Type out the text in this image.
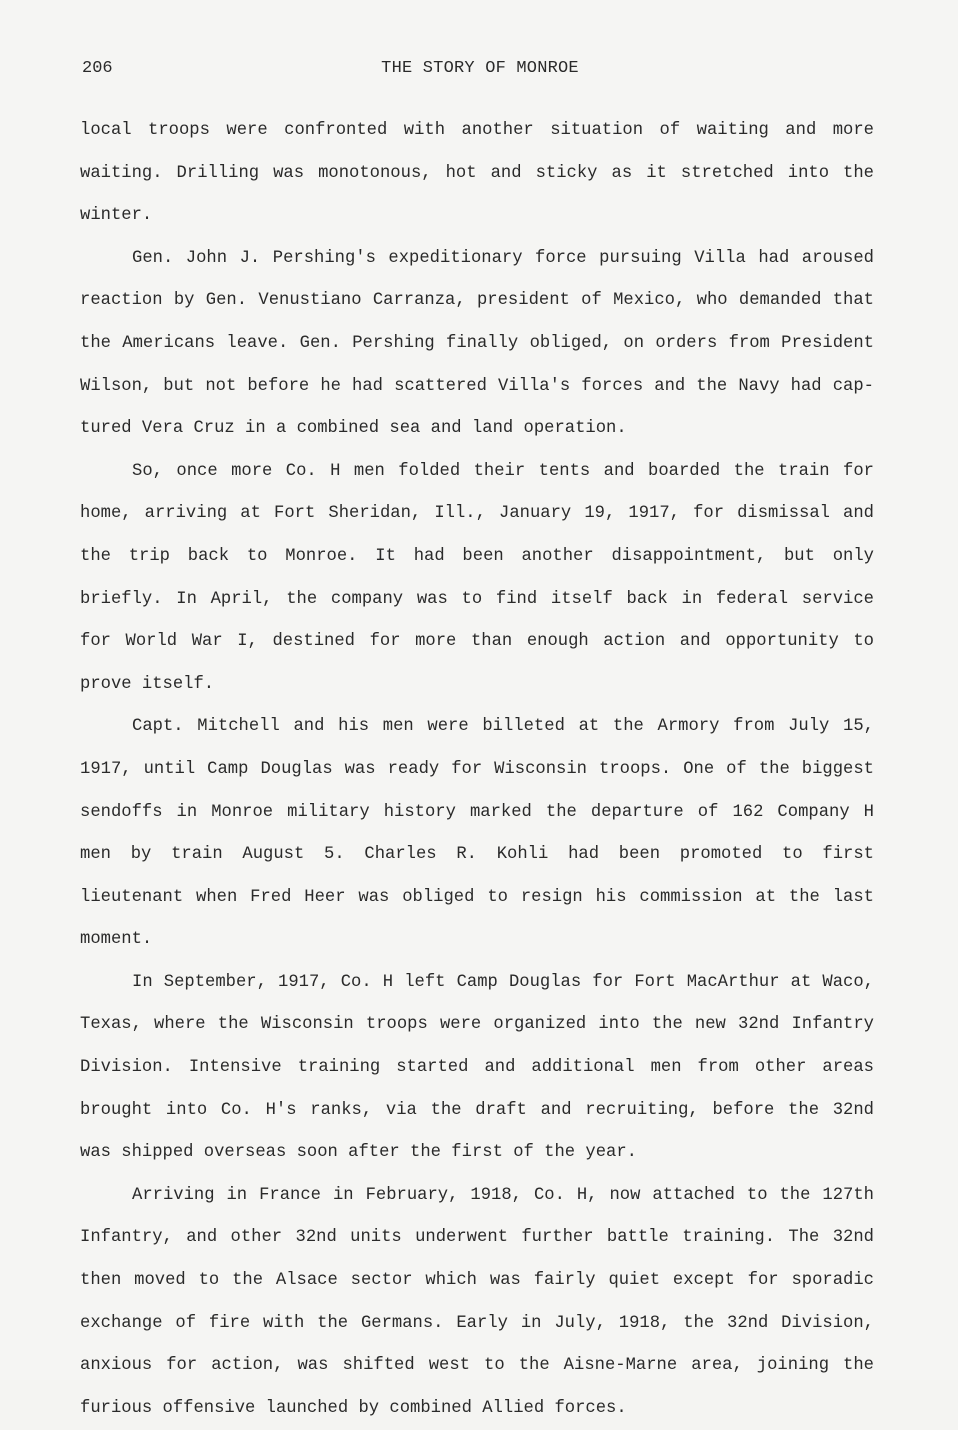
206	THE STORY OF MONROE

local troops were confronted with another situation of waiting and more waiting. Drilling was monotonous, hot and sticky as it stretched into the winter.

Gen. John J. Pershing's expeditionary force pursuing Villa had aroused reaction by Gen. Venustiano Carranza, president of Mexico, who demanded that the Americans leave. Gen. Pershing finally obliged, on orders from President Wilson, but not before he had scattered Villa's forces and the Navy had captured Vera Cruz in a combined sea and land operation.

So, once more Co. H men folded their tents and boarded the train for home, arriving at Fort Sheridan, Ill., January 19, 1917, for dismissal and the trip back to Monroe. It had been another disappointment, but only briefly. In April, the company was to find itself back in federal service for World War I, destined for more than enough action and opportunity to prove itself.

Capt. Mitchell and his men were billeted at the Armory from July 15, 1917, until Camp Douglas was ready for Wisconsin troops. One of the biggest sendoffs in Monroe military history marked the departure of 162 Company H men by train August 5. Charles R. Kohli had been promoted to first lieutenant when Fred Heer was obliged to resign his commission at the last moment.

In September, 1917, Co. H left Camp Douglas for Fort MacArthur at Waco, Texas, where the Wisconsin troops were organized into the new 32nd Infantry Division. Intensive training started and additional men from other areas brought into Co. H's ranks, via the draft and recruiting, before the 32nd was shipped overseas soon after the first of the year.

Arriving in France in February, 1918, Co. H, now attached to the 127th Infantry, and other 32nd units underwent further battle training. The 32nd then moved to the Alsace sector which was fairly quiet except for sporadic exchange of fire with the Germans. Early in July, 1918, the 32nd Division, anxious for action, was shifted west to the Aisne-Marne area, joining the furious offensive launched by combined Allied forces.
